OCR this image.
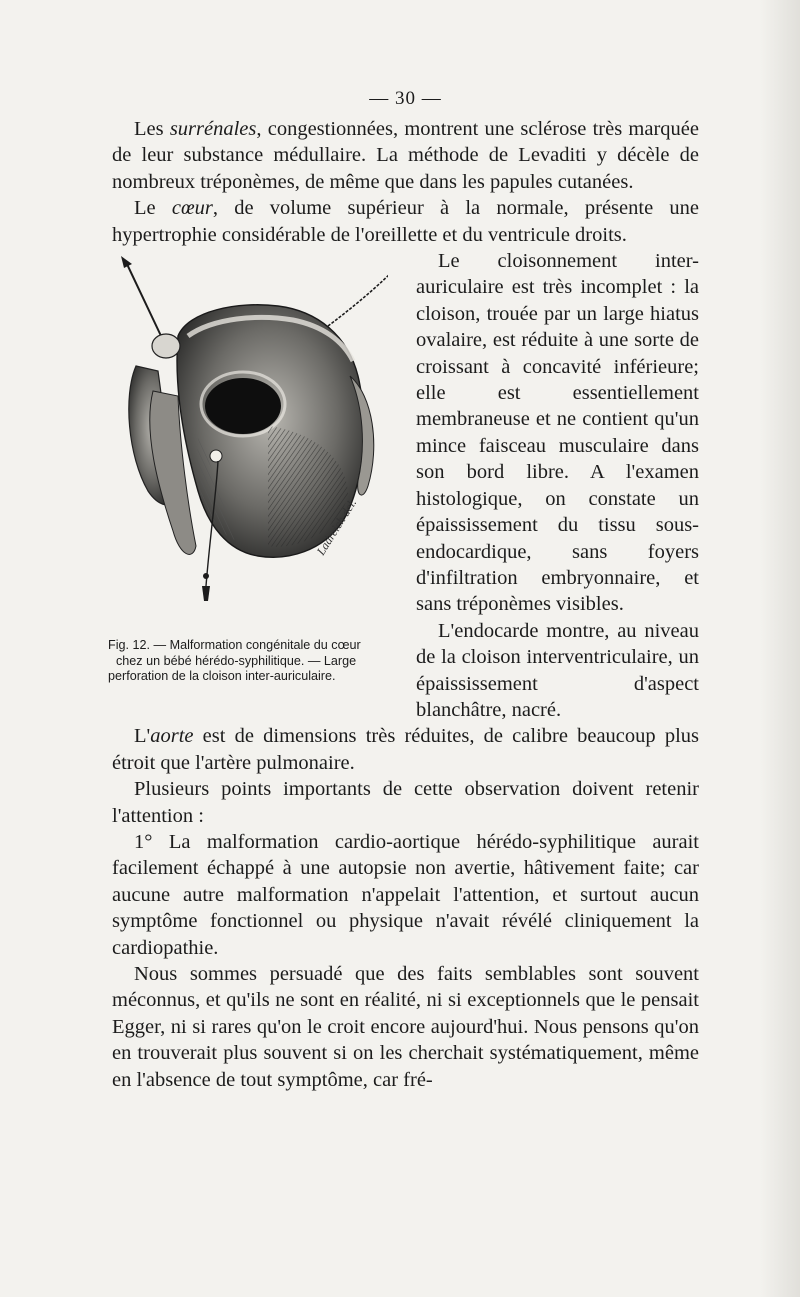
— 30 —

Les surrénales, congestionnées, montrent une sclérose très marquée de leur substance médullaire. La méthode de Levaditi y décèle de nombreux tréponèmes, de même que dans les papules cutanées.

Le cœur, de volume supérieur à la normale, présente une hypertrophie considérable de l'oreillette et du ventricule droits.

Ladreich del.
Fig. 12. — Malformation congénitale du cœur
chez un bébé hérédo-syphilitique. — Large
perforation de la cloison inter-auriculaire.

Le cloisonnement inter-auriculaire est très incomplet : la cloison, trouée par un large hiatus ovalaire, est réduite à une sorte de croissant à concavité inférieure; elle est essentiellement membraneuse et ne contient qu'un mince faisceau musculaire dans son bord libre. A l'examen histologique, on constate un épaississement du tissu sous-endocardique, sans foyers d'infiltration embryonnaire, et sans tréponèmes visibles.

L'endocarde montre, au niveau de la cloison interventriculaire, un épaississement d'aspect blanchâtre, nacré.

L'aorte est de dimensions très réduites, de calibre beaucoup plus étroit que l'artère pulmonaire.

Plusieurs points importants de cette observation doivent retenir l'attention :

1° La malformation cardio-aortique hérédo-syphilitique aurait facilement échappé à une autopsie non avertie, hâtivement faite; car aucune autre malformation n'appelait l'attention, et surtout aucun symptôme fonctionnel ou physique n'avait révélé cliniquement la cardiopathie.

Nous sommes persuadé que des faits semblables sont souvent méconnus, et qu'ils ne sont en réalité, ni si exceptionnels que le pensait Egger, ni si rares qu'on le croit encore aujourd'hui. Nous pensons qu'on en trouverait plus souvent si on les cherchait systématiquement, même en l'absence de tout symptôme, car fré-
